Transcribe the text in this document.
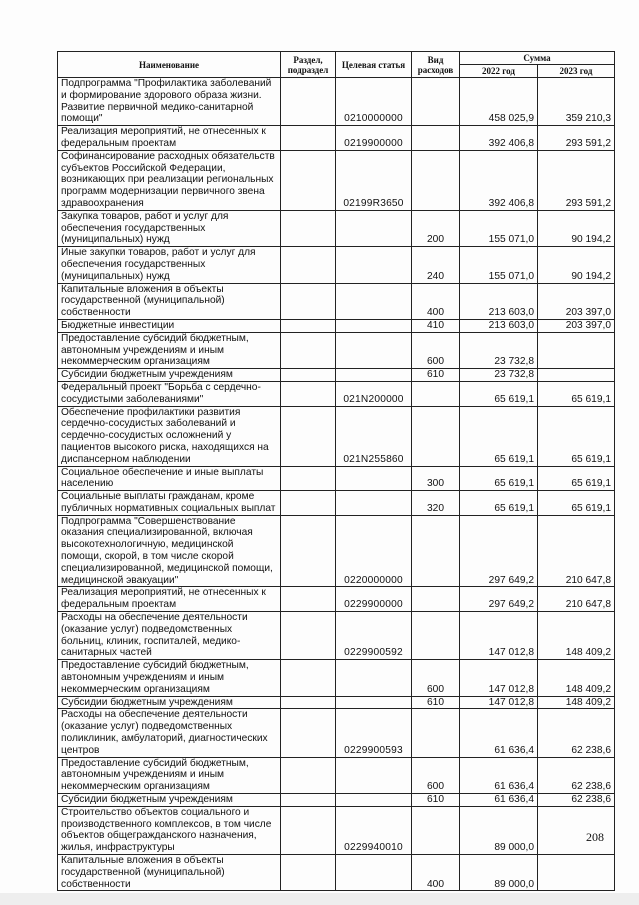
Наименование	Раздел, подраздел	Целевая статья	Вид расходов	Сумма	
				2022 год	2023 год
Подпрограмма "Профилактика заболеваний и формирование здорового образа жизни. Развитие первичной медико-санитарной помощи"		0210000000		458 025,9	359 210,3
Реализация мероприятий, не отнесенных к федеральным проектам		0219900000		392 406,8	293 591,2
Софинансирование расходных обязательств субъектов Российской Федерации, возникающих при реализации региональных программ модернизации первичного звена здравоохранения		02199R3650		392 406,8	293 591,2
Закупка товаров, работ и услуг для обеспечения государственных (муниципальных) нужд			200	155 071,0	90 194,2
Иные закупки товаров, работ и услуг для обеспечения государственных (муниципальных) нужд			240	155 071,0	90 194,2
Капитальные вложения в объекты государственной (муниципальной) собственности			400	213 603,0	203 397,0
Бюджетные инвестиции			410	213 603,0	203 397,0
Предоставление субсидий бюджетным, автономным учреждениям и иным некоммерческим организациям			600	23 732,8	
Субсидии бюджетным учреждениям			610	23 732,8	
Федеральный проект "Борьба с сердечно-сосудистыми заболеваниями"		021N200000		65 619,1	65 619,1
Обеспечение профилактики развития сердечно-сосудистых заболеваний и сердечно-сосудистых осложнений у пациентов высокого риска, находящихся на диспансерном наблюдении		021N255860		65 619,1	65 619,1
Социальное обеспечение и иные выплаты населению			300	65 619,1	65 619,1
Социальные выплаты гражданам, кроме публичных нормативных социальных выплат			320	65 619,1	65 619,1
Подпрограмма "Совершенствование оказания специализированной, включая высокотехнологичную, медицинской помощи, скорой, в том числе скорой специализированной, медицинской помощи, медицинской эвакуации"		0220000000		297 649,2	210 647,8
Реализация мероприятий, не отнесенных к федеральным проектам		0229900000		297 649,2	210 647,8
Расходы на обеспечение деятельности (оказание услуг) подведомственных больниц, клиник, госпиталей, медико-санитарных частей		0229900592		147 012,8	148 409,2
Предоставление субсидий бюджетным, автономным учреждениям и иным некоммерческим организациям			600	147 012,8	148 409,2
Субсидии бюджетным учреждениям			610	147 012,8	148 409,2
Расходы на обеспечение деятельности (оказание услуг) подведомственных поликлиник, амбулаторий, диагностических центров		0229900593		61 636,4	62 238,6
Предоставление субсидий бюджетным, автономным учреждениям и иным некоммерческим организациям			600	61 636,4	62 238,6
Субсидии бюджетным учреждениям			610	61 636,4	62 238,6
Строительство объектов социального и производственного комплексов, в том числе объектов общегражданского назначения, жилья, инфраструктуры		0229940010		89 000,0	
Капитальные вложения в объекты государственной (муниципальной) собственности			400	89 000,0	
208
